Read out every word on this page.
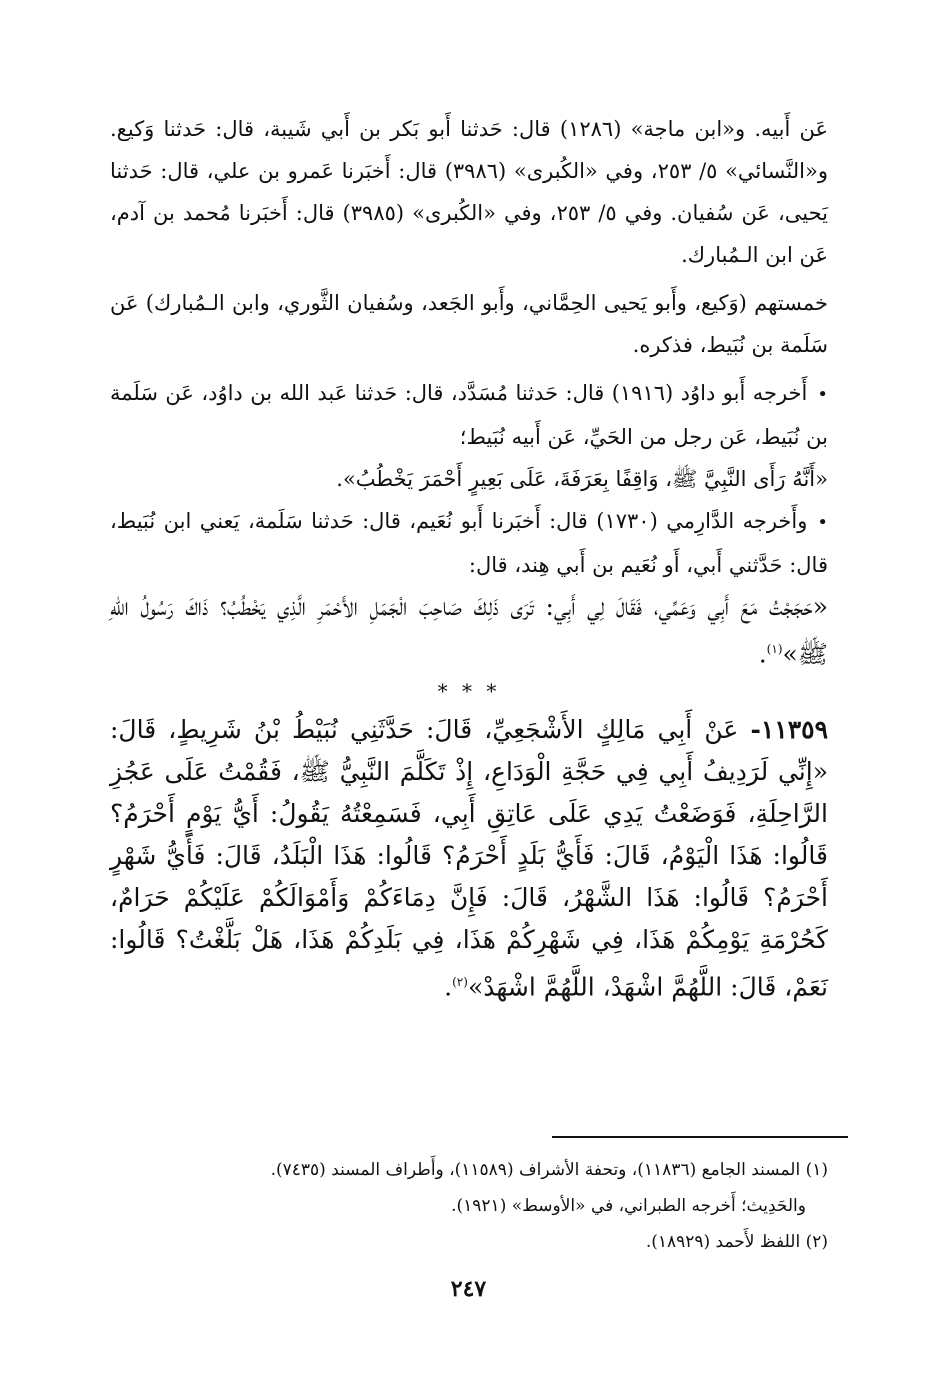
عَن أَبيه. و«ابن ماجة» (١٢٨٦) قال: حَدثنا أَبو بَكر بن أَبي شَيبة، قال: حَدثنا وَكيع. و«النَّسائي» ٥/ ٢٥٣، وفي «الكُبرى» (٣٩٨٦) قال: أَخبَرنا عَمرو بن علي، قال: حَدثنا يَحيى، عَن سُفيان. وفي ٥/ ٢٥٣، وفي «الكُبرى» (٣٩٨٥) قال: أَخبَرنا مُحمد بن آدم، عَن ابن الـمُبارك.

خمستهم (وَكيع، وأَبو يَحيى الحِمَّاني، وأَبو الجَعد، وسُفيان الثَّوري، وابن الـمُبارك) عَن سَلَمة بن نُبَيط، فذكره.

•أَخرجه أَبو داوُد (١٩١٦) قال: حَدثنا مُسَدَّد، قال: حَدثنا عَبد الله بن داوُد، عَن سَلَمة بن نُبَيط، عَن رجل من الحَيِّ، عَن أَبيه نُبَيط؛

«أَنَّهُ رَأَى النَّبِيَّ ﷺ، وَاقِفًا بِعَرَفَةَ، عَلَى بَعِيرٍ أَحْمَرَ يَخْطُبُ».

•وأَخرجه الدَّارِمي (١٧٣٠) قال: أَخبَرنا أَبو نُعَيم، قال: حَدثنا سَلَمة، يَعني ابن نُبَيط، قال: حَدَّثني أَبي، أَو نُعَيم بن أَبي هِند، قال:

«حَجَجْتُ مَعَ أَبِي وَعَمِّي، فَقَالَ لِي أَبِي: تَرَى ذَلِكَ صَاحِبَ الْجَمَلِ الأَحْمَرِ الَّذِي يَخْطُبُ؟ ذَاكَ رَسُولُ اللهِ ﷺ»$^{(١)}$.

* * *

١١٣٥٩- عَنْ أَبِي مَالِكٍ الأَشْجَعِيِّ، قَالَ: حَدَّثَنِي نُبَيْطُ بْنُ شَرِيطٍ، قَالَ: «إِنِّي لَرَدِيفُ أَبِي فِي حَجَّةِ الْوَدَاعِ، إِذْ تَكَلَّمَ النَّبِيُّ ﷺ، فَقُمْتُ عَلَى عَجُزِ الرَّاحِلَةِ، فَوَضَعْتُ يَدِي عَلَى عَاتِقِ أَبِي، فَسَمِعْتُهُ يَقُولُ: أَيُّ يَوْمٍ أَحْرَمُ؟ قَالُوا: هَذَا الْيَوْمُ، قَالَ: فَأَيُّ بَلَدٍ أَحْرَمُ؟ قَالُوا: هَذَا الْبَلَدُ، قَالَ: فَأَيُّ شَهْرٍ أَحْرَمُ؟ قَالُوا: هَذَا الشَّهْرُ، قَالَ: فَإِنَّ دِمَاءَكُمْ وَأَمْوَالَكُمْ عَلَيْكُمْ حَرَامٌ، كَحُرْمَةِ يَوْمِكُمْ هَذَا، فِي شَهْرِكُمْ هَذَا، فِي بَلَدِكُمْ هَذَا، هَلْ بَلَّغْتُ؟ قَالُوا: نَعَمْ، قَالَ: اللَّهُمَّ اشْهَدْ، اللَّهُمَّ اشْهَدْ»$^{(٢)}$.

(١) المسند الجامع (١١٨٣٦)، وتحفة الأشراف (١١٥٨٩)، وأَطراف المسند (٧٤٣٥).

والحَدِيث؛ أَخرجه الطبراني، في «الأوسط» (١٩٢١).

(٢) اللفظ لأَحمد (١٨٩٢٩).

٢٤٧
